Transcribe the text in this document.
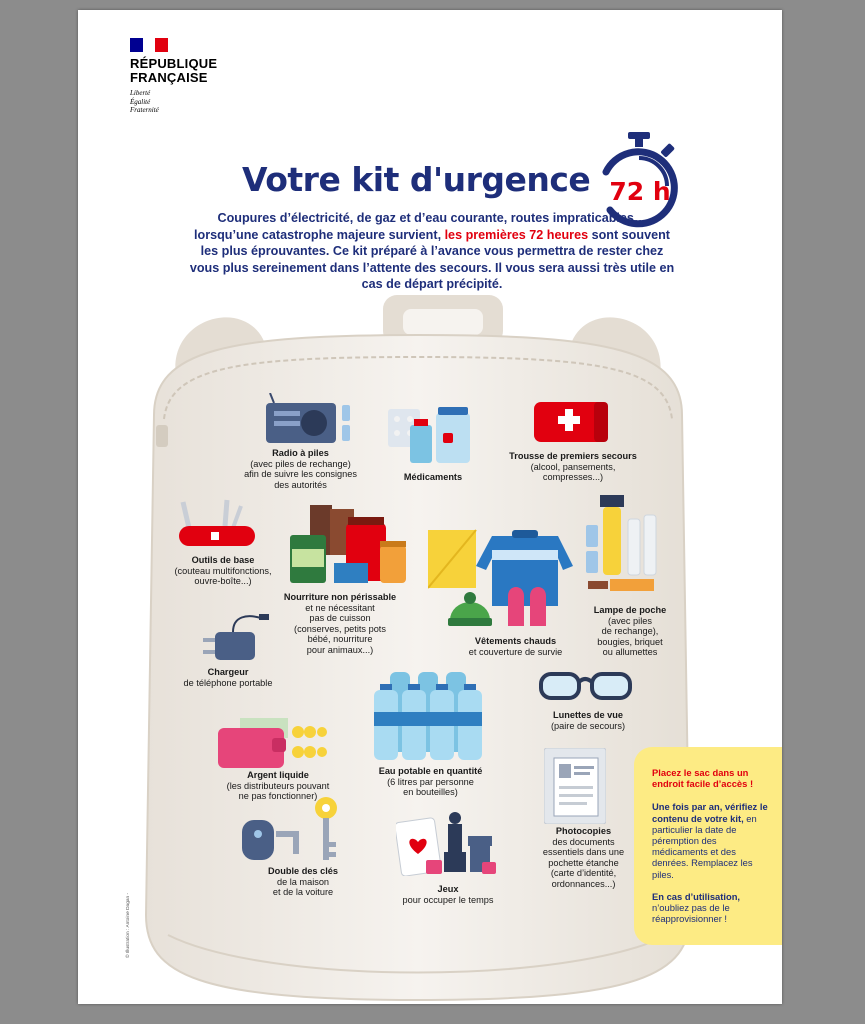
RÉPUBLIQUE
FRANÇAISE
Liberté
Égalité
Fraternité
Votre kit d'urgence 72 h
Coupures d’électricité, de gaz et d’eau courante, routes impraticables… lorsqu’une catastrophe majeure survient, les premières 72 heures sont souvent les plus éprouvantes. Ce kit préparé à l’avance vous permettra de rester chez vous plus sereinement dans l’attente des secours. Il vous sera aussi très utile en cas de départ précipité.
Radio à piles
(avec piles de rechange)
afin de suivre les consignes
des autorités
Médicaments
Trousse de premiers secours
(alcool, pansements,
compresses...)
Outils de base
(couteau multifonctions,
ouvre-boîte...)
Nourriture non périssable
et ne nécessitant
pas de cuisson
(conserves, petits pots
bébé, nourriture
pour animaux...)
Vêtements chauds
et couverture de survie
Lampe de poche
(avec piles
de rechange),
bougies, briquet
ou allumettes
Chargeur
de téléphone portable
Lunettes de vue
(paire de secours)
Eau potable en quantité
(6 litres par personne
en bouteilles)
Argent liquide
(les distributeurs pouvant
ne pas fonctionner)
Photocopies
des documents
essentiels dans une
pochette étanche
(carte d’identité,
ordonnances...)
Double des clés
de la maison
et de la voiture	Jeux
pour occuper le temps
Placez le sac dans un endroit facile d’accès !
Une fois par an, vérifiez le contenu de votre kit, en particulier la date de péremption des médicaments et des denrées. Remplacez les piles.
En cas d’utilisation, n’oubliez pas de le réapprovisionner !
© Illustration : Antoine Dagan -
